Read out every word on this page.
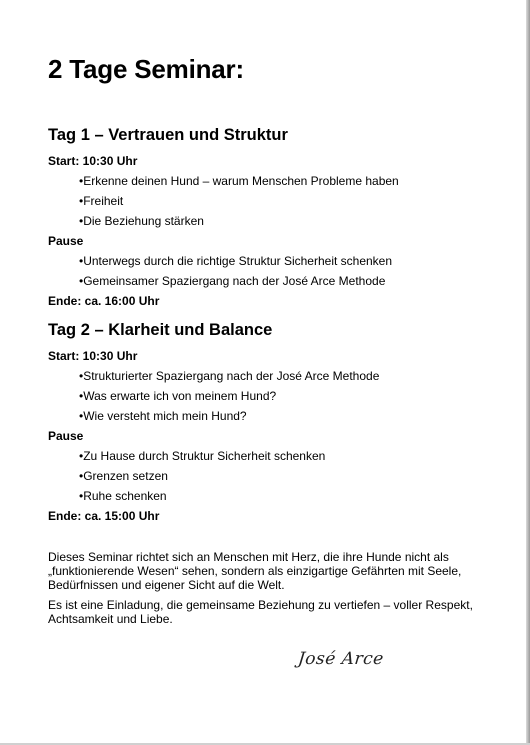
2 Tage Seminar:
Tag 1 – Vertrauen und Struktur
Start: 10:30 Uhr
•Erkenne deinen Hund – warum Menschen Probleme haben
•Freiheit
•Die Beziehung stärken
Pause
•Unterwegs durch die richtige Struktur Sicherheit schenken
•Gemeinsamer Spaziergang nach der José Arce Methode
Ende: ca. 16:00 Uhr
Tag 2 – Klarheit und Balance
Start: 10:30 Uhr
•Strukturierter Spaziergang nach der José Arce Methode
•Was erwarte ich von meinem Hund?
•Wie versteht mich mein Hund?
Pause
•Zu Hause durch Struktur Sicherheit schenken
•Grenzen setzen
•Ruhe schenken
Ende: ca. 15:00 Uhr

Dieses Seminar richtet sich an Menschen mit Herz, die ihre Hunde nicht als „funktionierende Wesen“ sehen, sondern als einzigartige Gefährten mit Seele, Bedürfnissen und eigener Sicht auf die Welt.

Es ist eine Einladung, die gemeinsame Beziehung zu vertiefen – voller Respekt, Achtsamkeit und Liebe.

José Arce
